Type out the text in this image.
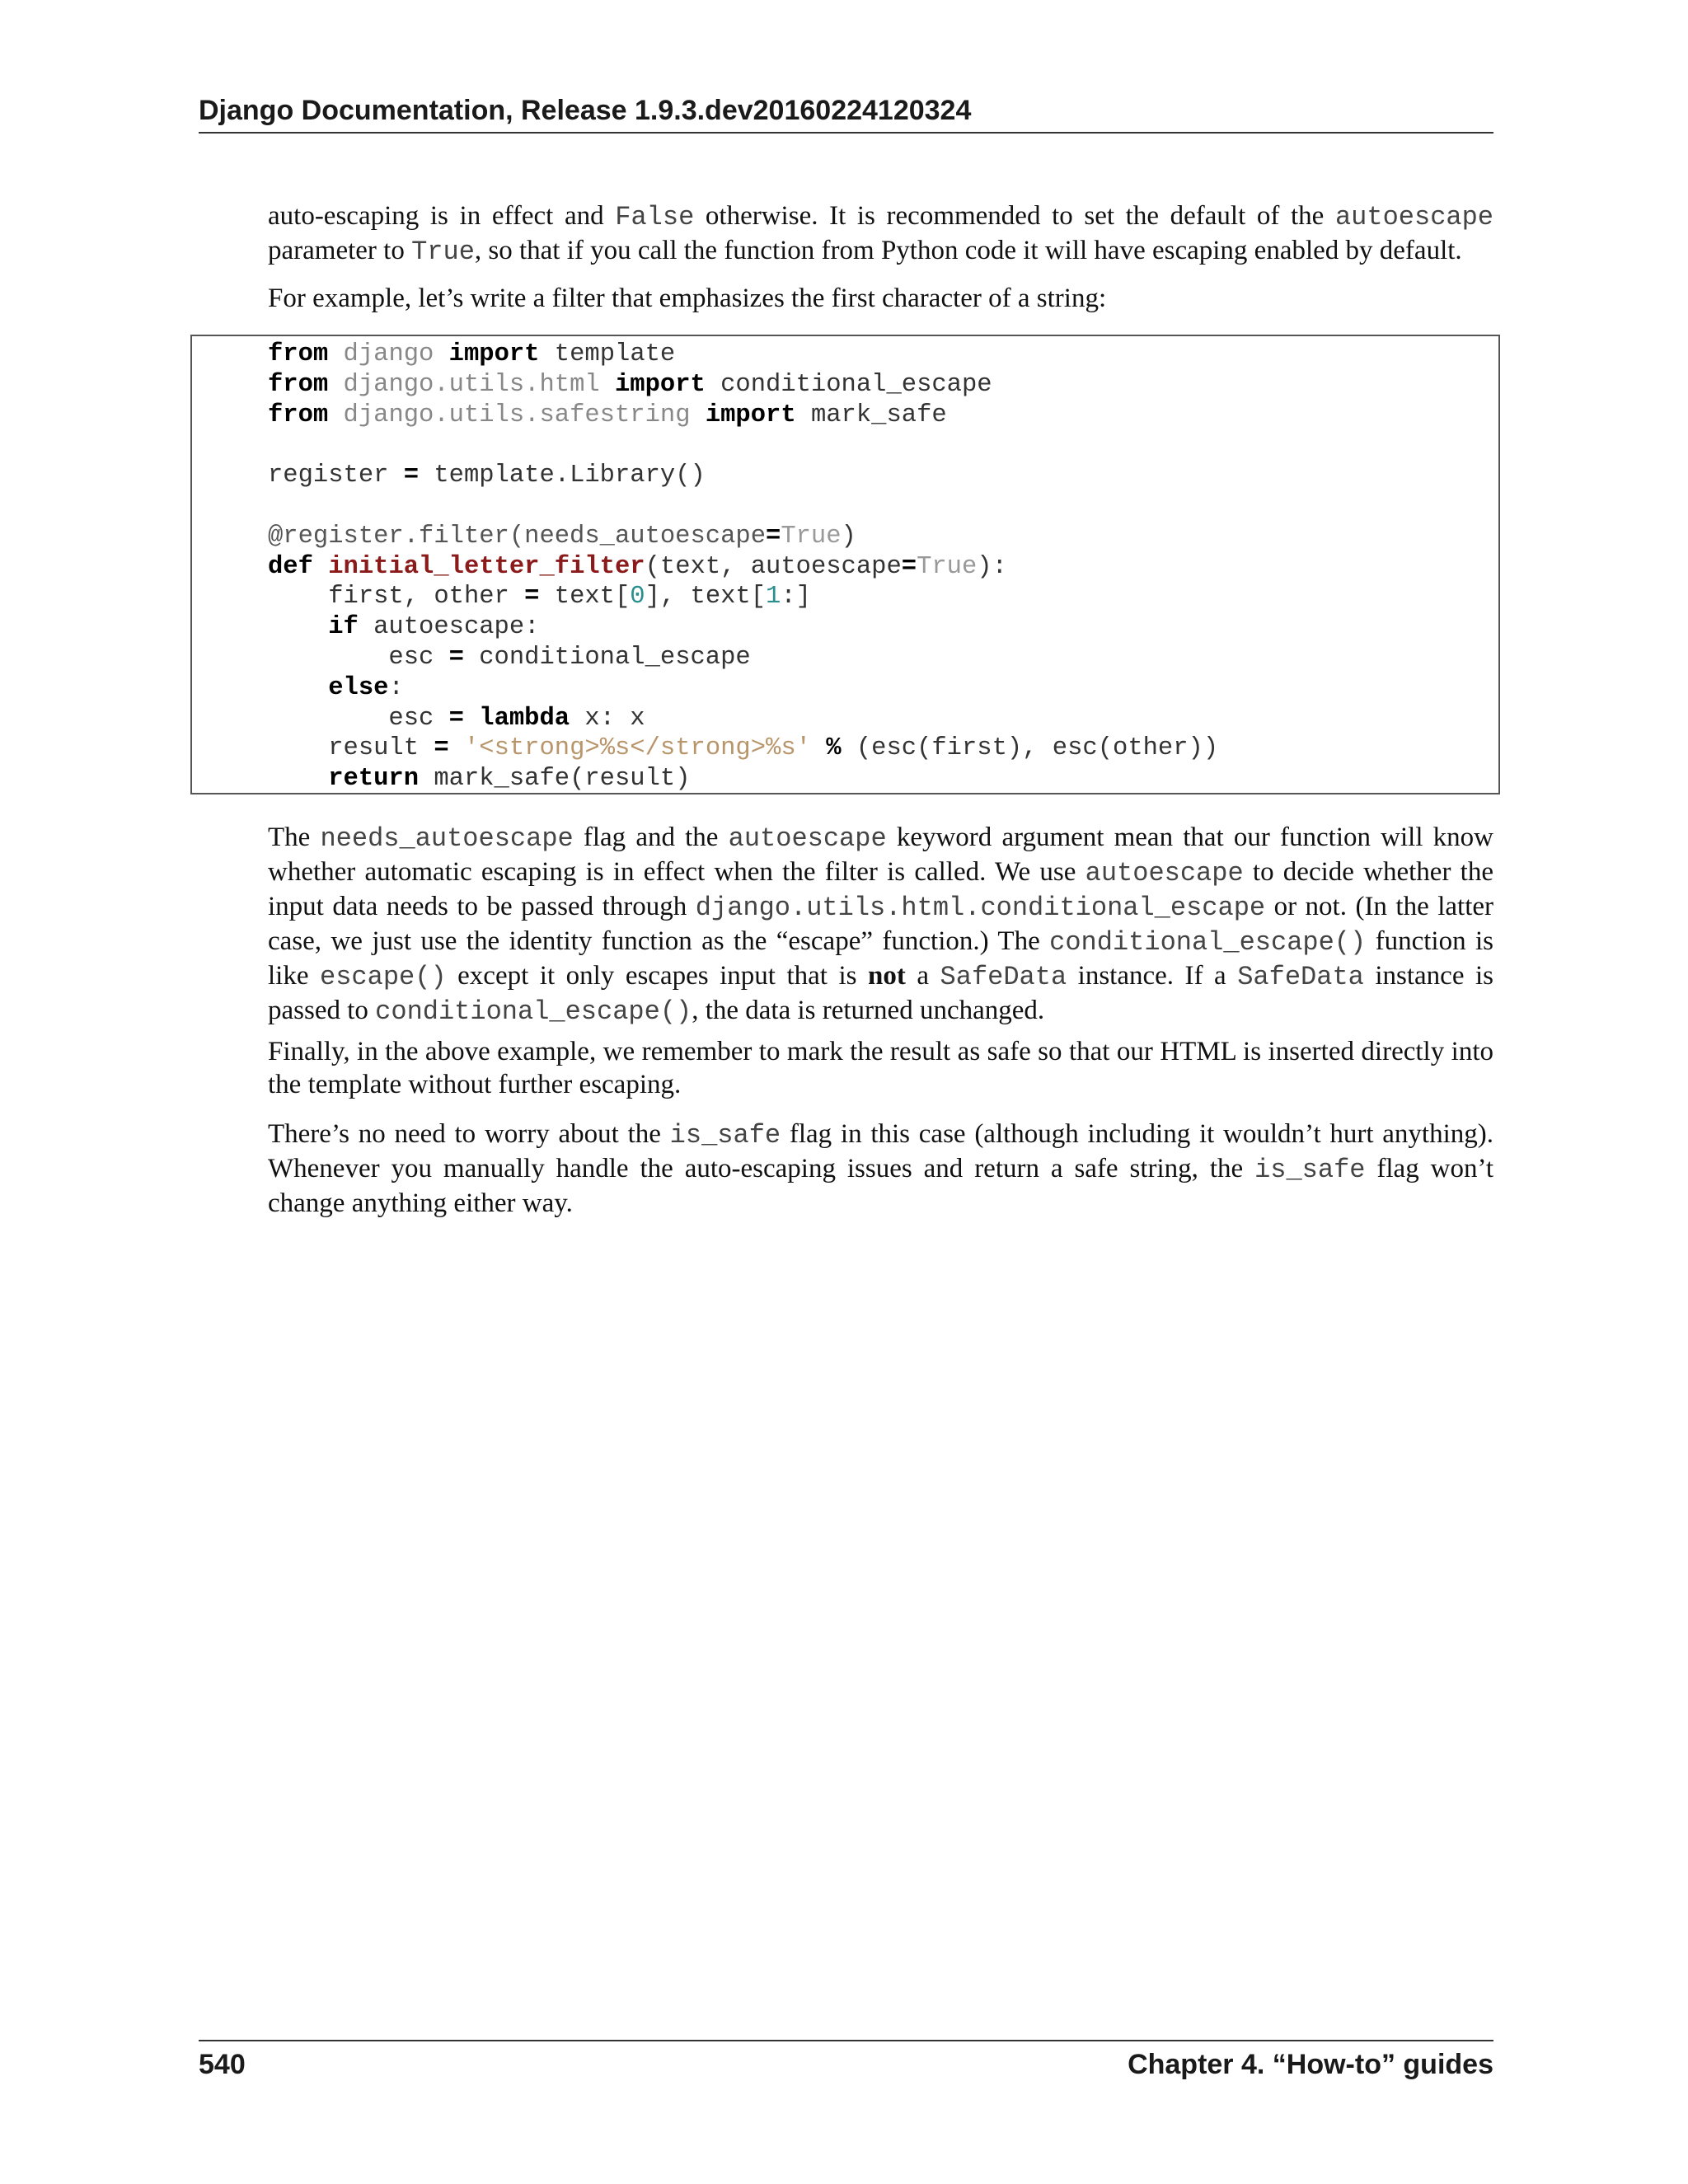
Django Documentation, Release 1.9.3.dev20160224120324

auto-escaping is in effect and False otherwise. It is recommended to set the default of the autoescape parameter to True, so that if you call the function from Python code it will have escaping enabled by default.

For example, let’s write a filter that emphasizes the first character of a string:

from django import template
from django.utils.html import conditional_escape
from django.utils.safestring import mark_safe

register = template.Library()

@register.filter(needs_autoescape=True)
def initial_letter_filter(text, autoescape=True):
first, other = text[0], text[1:]
if autoescape:
esc = conditional_escape
else:
esc = lambda x: x
result = '<strong>%s</strong>%s' % (esc(first), esc(other))
return mark_safe(result)

The needs_autoescape flag and the autoescape keyword argument mean that our function will know whether automatic escaping is in effect when the filter is called. We use autoescape to decide whether the input data needs to be passed through django.utils.html.conditional_escape or not. (In the latter case, we just use the identity function as the “escape” function.) The conditional_escape() function is like escape() except it only escapes input that is not a SafeData instance. If a SafeData instance is passed to conditional_escape(), the data is returned unchanged.

Finally, in the above example, we remember to mark the result as safe so that our HTML is inserted directly into the template without further escaping.

There’s no need to worry about the is_safe flag in this case (although including it wouldn’t hurt anything). Whenever you manually handle the auto-escaping issues and return a safe string, the is_safe flag won’t change anything either way.

540	Chapter 4. “How-to” guides
